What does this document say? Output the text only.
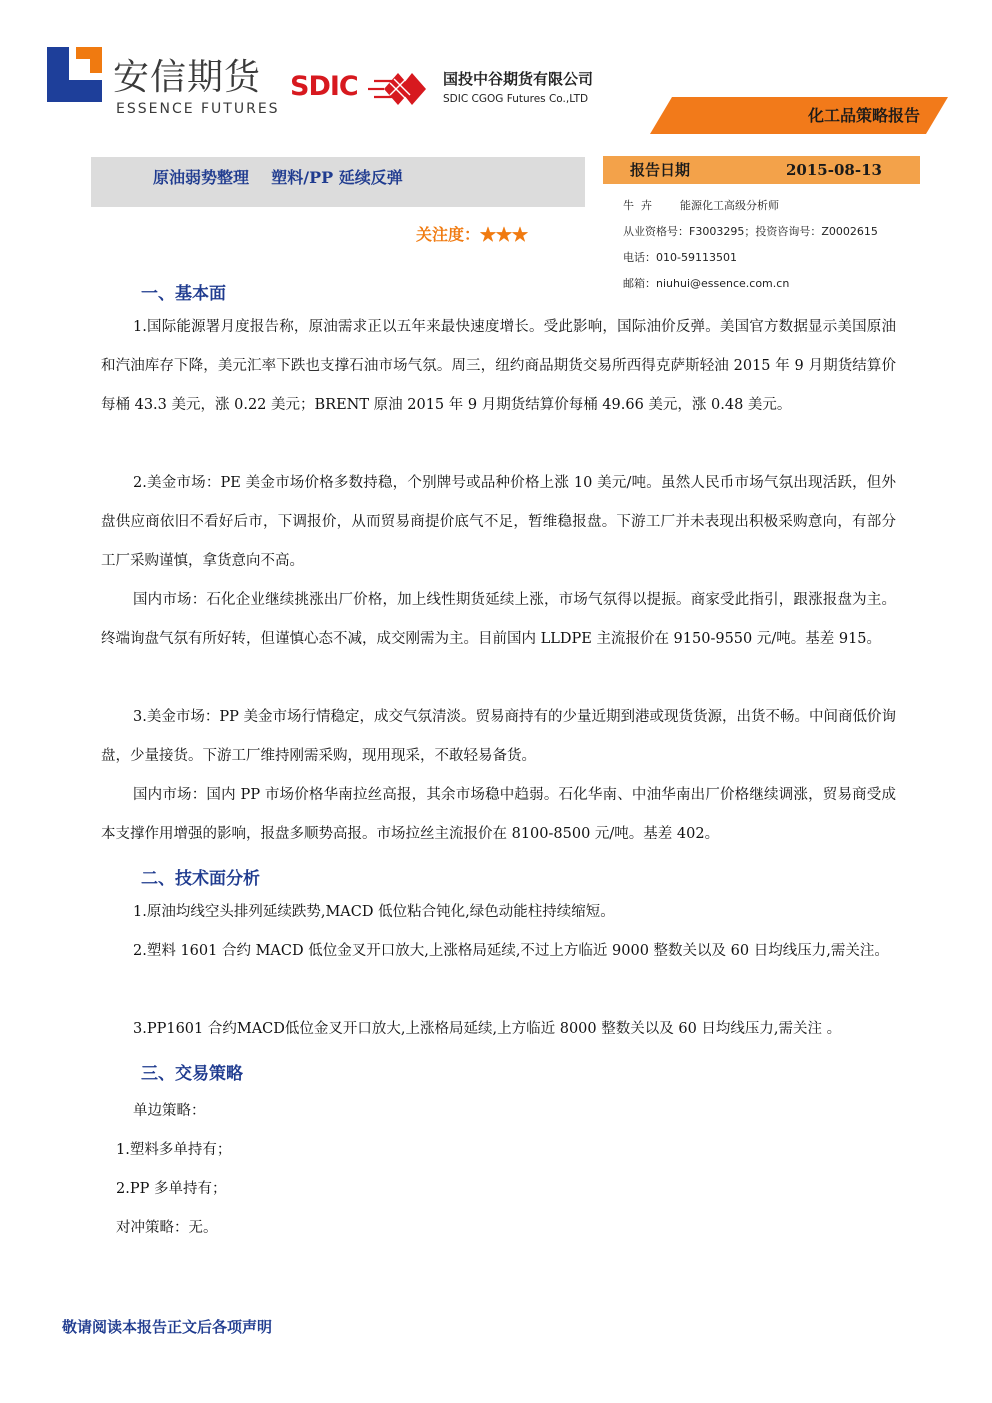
安信期货
ESSENCE FUTURES
SDIC	国投中谷期货有限公司
SDIC CGOG Futures Co.,LTD
化工品策略报告
原油弱势整理    塑料/PP 延续反弹
关注度：★★★
报告日期	2015-08-13
牛  卉        能源化工高级分析师
从业资格号：F3003295；投资咨询号：Z0002615
电话：010-59113501
邮箱：niuhui@essence.com.cn
一、基本面
1.国际能源署月度报告称，原油需求正以五年来最快速度增长。受此影响，国际油价反弹。美国官方数据显示美国原油和汽油库存下降，美元汇率下跌也支撑石油市场气氛。周三，纽约商品期货交易所西得克萨斯轻油 2015 年 9 月期货结算价每桶 43.3 美元，涨 0.22 美元；BRENT 原油 2015 年 9 月期货结算价每桶 49.66 美元，涨 0.48 美元。
2.美金市场：PE 美金市场价格多数持稳，个别牌号或品种价格上涨 10 美元/吨。虽然人民币市场气氛出现活跃，但外盘供应商依旧不看好后市，下调报价，从而贸易商提价底气不足，暂维稳报盘。下游工厂并未表现出积极采购意向，有部分工厂采购谨慎，拿货意向不高。
国内市场：石化企业继续挑涨出厂价格，加上线性期货延续上涨，市场气氛得以提振。商家受此指引，跟涨报盘为主。终端询盘气氛有所好转，但谨慎心态不减，成交刚需为主。目前国内 LLDPE 主流报价在 9150-9550 元/吨。基差 915。
3.美金市场：PP 美金市场行情稳定，成交气氛清淡。贸易商持有的少量近期到港或现货货源，出货不畅。中间商低价询盘，少量接货。下游工厂维持刚需采购，现用现采，不敢轻易备货。
国内市场：国内 PP 市场价格华南拉丝高报，其余市场稳中趋弱。石化华南、中油华南出厂价格继续调涨，贸易商受成本支撑作用增强的影响，报盘多顺势高报。市场拉丝主流报价在 8100-8500 元/吨。基差 402。
二、技术面分析
1.原油均线空头排列延续跌势,MACD 低位粘合钝化,绿色动能柱持续缩短。
2.塑料 1601 合约 MACD 低位金叉开口放大,上涨格局延续,不过上方临近 9000 整数关以及 60 日均线压力,需关注。
3.PP1601 合约MACD低位金叉开口放大,上涨格局延续,上方临近 8000 整数关以及 60 日均线压力,需关注 。
三、交易策略
单边策略：
1.塑料多单持有；
2.PP 多单持有；
对冲策略：无。
敬请阅读本报告正文后各项声明
